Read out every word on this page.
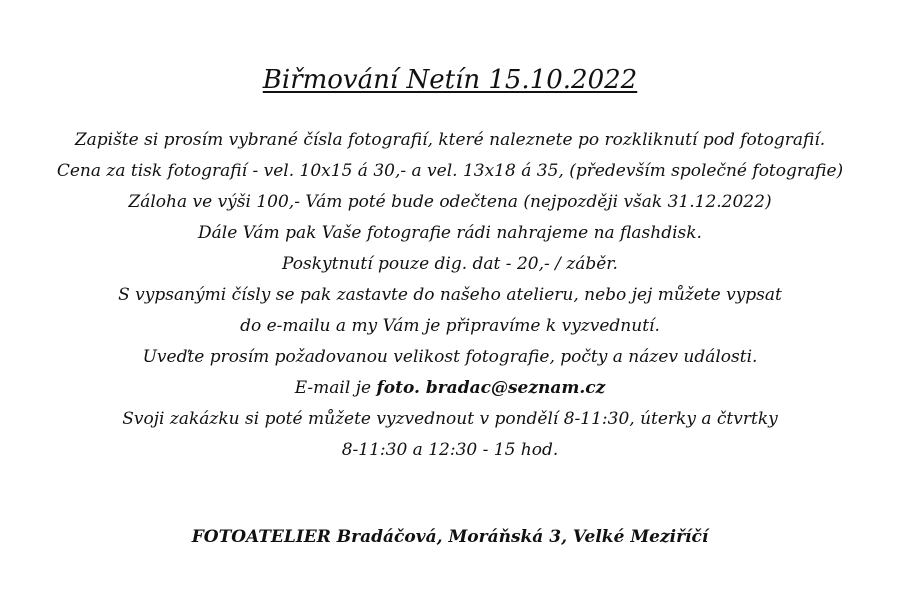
Biřmování Netín 15.10.2022
Zapište si prosím vybrané čísla fotografií, které naleznete po rozkliknutí pod fotografií.
Cena za tisk fotografií - vel. 10x15 á 30,- a vel. 13x18 á 35, (především společné fotografie)
Záloha ve výši 100,- Vám poté bude odečtena (nejpozději však 31.12.2022)
Dále Vám pak Vaše fotografie rádi nahrajeme na flashdisk.
Poskytnutí pouze dig. dat - 20,- / záběr.
S vypsanými čísly se pak zastavte do našeho atelieru, nebo jej můžete vypsat
do e-mailu a my Vám je připravíme k vyzvednutí.
Uveďte prosím požadovanou velikost fotografie, počty a název události.
E-mail je foto. bradac@seznam.cz
Svoji zakázku si poté můžete vyzvednout v pondělí 8-11:30, úterky a čtvrtky
8-11:30 a 12:30 - 15 hod.
FOTOATELIER Bradáčová, Moráňská 3, Velké Meziříčí
